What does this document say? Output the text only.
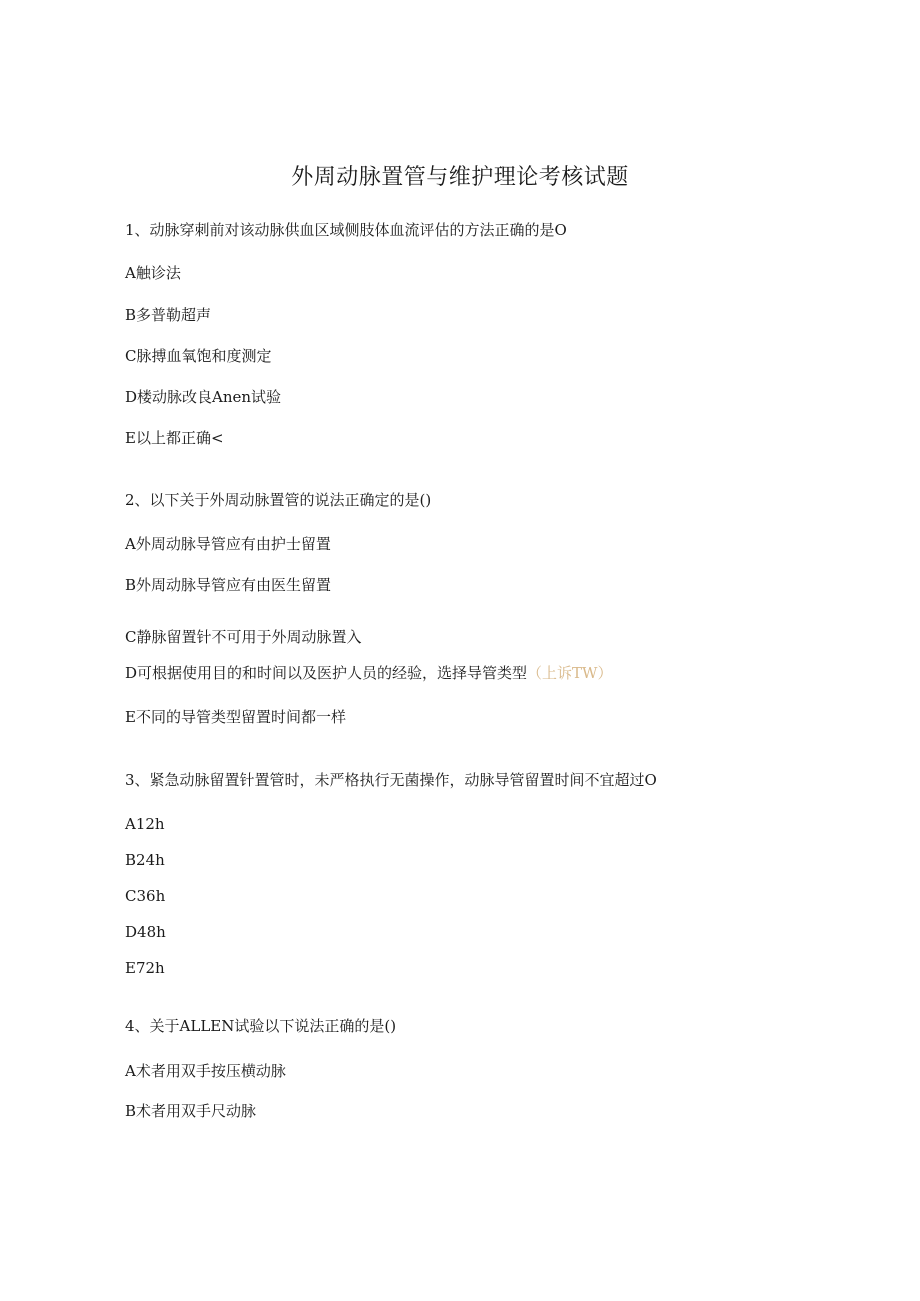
外周动脉置管与维护理论考核试题
1、动脉穿刺前对该动脉供血区域侧肢体血流评估的方法正确的是O
A触诊法
B多普勒超声
C脉搏血氧饱和度测定
D楼动脉改良Anen试验
E以上都正确<
2、以下关于外周动脉置管的说法正确定的是()
A外周动脉导管应有由护士留置
B外周动脉导管应有由医生留置
C静脉留置针不可用于外周动脉置入
D可根据使用目的和时间以及医护人员的经验，选择导管类型（上诉TW）
E不同的导管类型留置时间都一样
3、紧急动脉留置针置管时，未严格执行无菌操作，动脉导管留置时间不宜超过O
A12h
B24h
C36h
D48h
E72h
4、关于ALLEN试验以下说法正确的是()
A术者用双手按压横动脉
B术者用双手尺动脉
